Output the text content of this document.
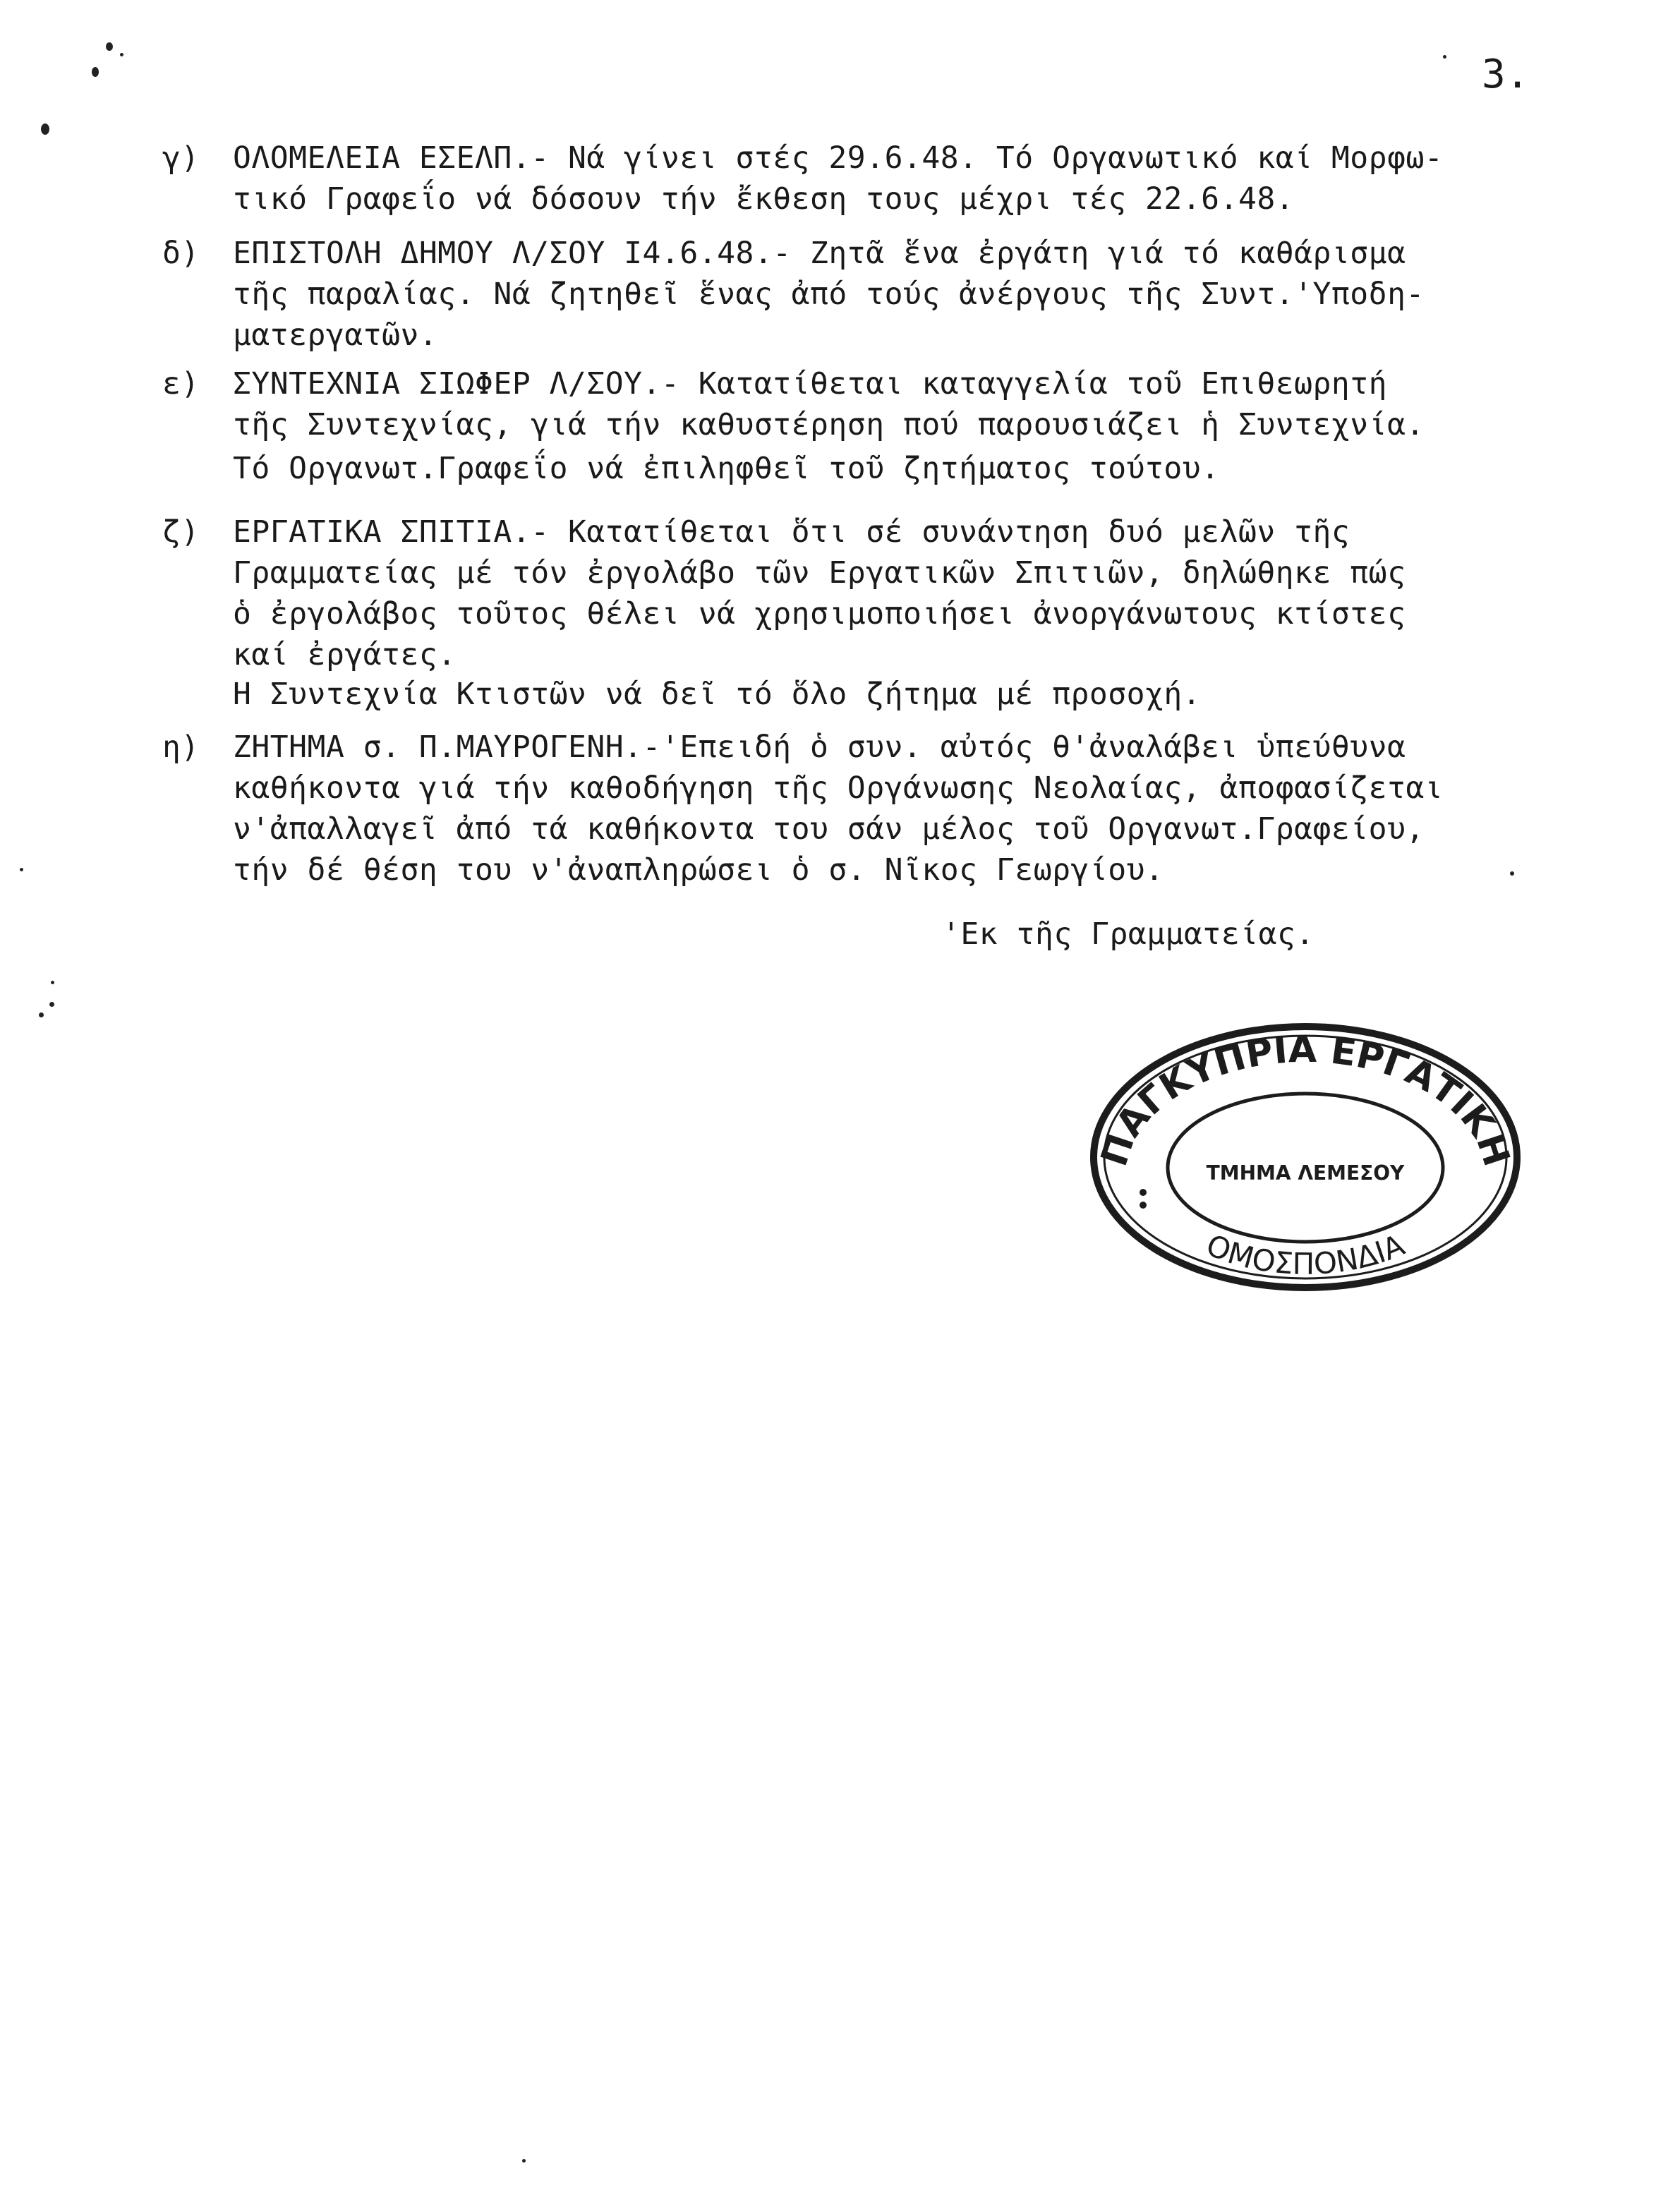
3.
γ) ΟΛΟΜΕΛΕΙΑ ΕΣΕΛΠ.- Νά γίνει στές 29.6.48. Τό Οργανωτικό καί Μορφω-
τικό Γραφεΐο νά δόσουν τήν ἔκθεση τους μέχρι τές 22.6.48.
δ) ΕΠΙΣΤΟΛΗ ΔΗΜΟΥ Λ/ΣΟΥ Ι4.6.48.- Ζητᾶ ἕνα ἐργάτη γιά τό καθάρισμα
τῆς παραλίας. Νά ζητηθεῖ ἕνας ἀπό τούς ἀνέργους τῆς Συντ.'Υποδη-
ματεργατῶν.
ε) ΣΥΝΤΕΧΝΙΑ ΣΙΩΦΕΡ Λ/ΣΟΥ.- Κατατίθεται καταγγελία τοῦ Επιθεωρητή
τῆς Συντεχνίας, γιά τήν καθυστέρηση πού παρουσιάζει ἡ Συντεχνία.
Τό Οργανωτ.Γραφεΐο νά ἐπιληφθεῖ τοῦ ζητήματος τούτου.
ζ) ΕΡΓΑΤΙΚΑ ΣΠΙΤΙΑ.- Κατατίθεται ὅτι σέ συνάντηση δυό μελῶν τῆς
Γραμματείας μέ τόν ἐργολάβο τῶν Εργατικῶν Σπιτιῶν, δηλώθηκε πώς
ὁ ἐργολάβος τοῦτος θέλει νά χρησιμοποιήσει ἀνοργάνωτους κτίστες
καί ἐργάτες.
Η Συντεχνία Κτιστῶν νά δεῖ τό ὅλο ζήτημα μέ προσοχή.
η) ΖΗΤΗΜΑ σ. Π.ΜΑΥΡΟΓΕΝΗ.-'Επειδή ὁ συν. αὐτός θ'ἀναλάβει ὑπεύθυνα
καθήκοντα γιά τήν καθοδήγηση τῆς Οργάνωσης Νεολαίας, ἀποφασίζεται
ν'ἀπαλλαγεῖ ἀπό τά καθήκοντα του σάν μέλος τοῦ Οργανωτ.Γραφείου,
τήν δέ θέση του ν'ἀναπληρώσει ὁ σ. Νῖκος Γεωργίου.
'Εκ τῆς Γραμματείας.
ΠΑΓΚΥΠΡΙΑ ΕΡΓΑΤΙΚΗ
ΤΜΗΜΑ ΛΕΜΕΣΟΥ
ΟΜΟΣΠΟΝΔΙΑ
